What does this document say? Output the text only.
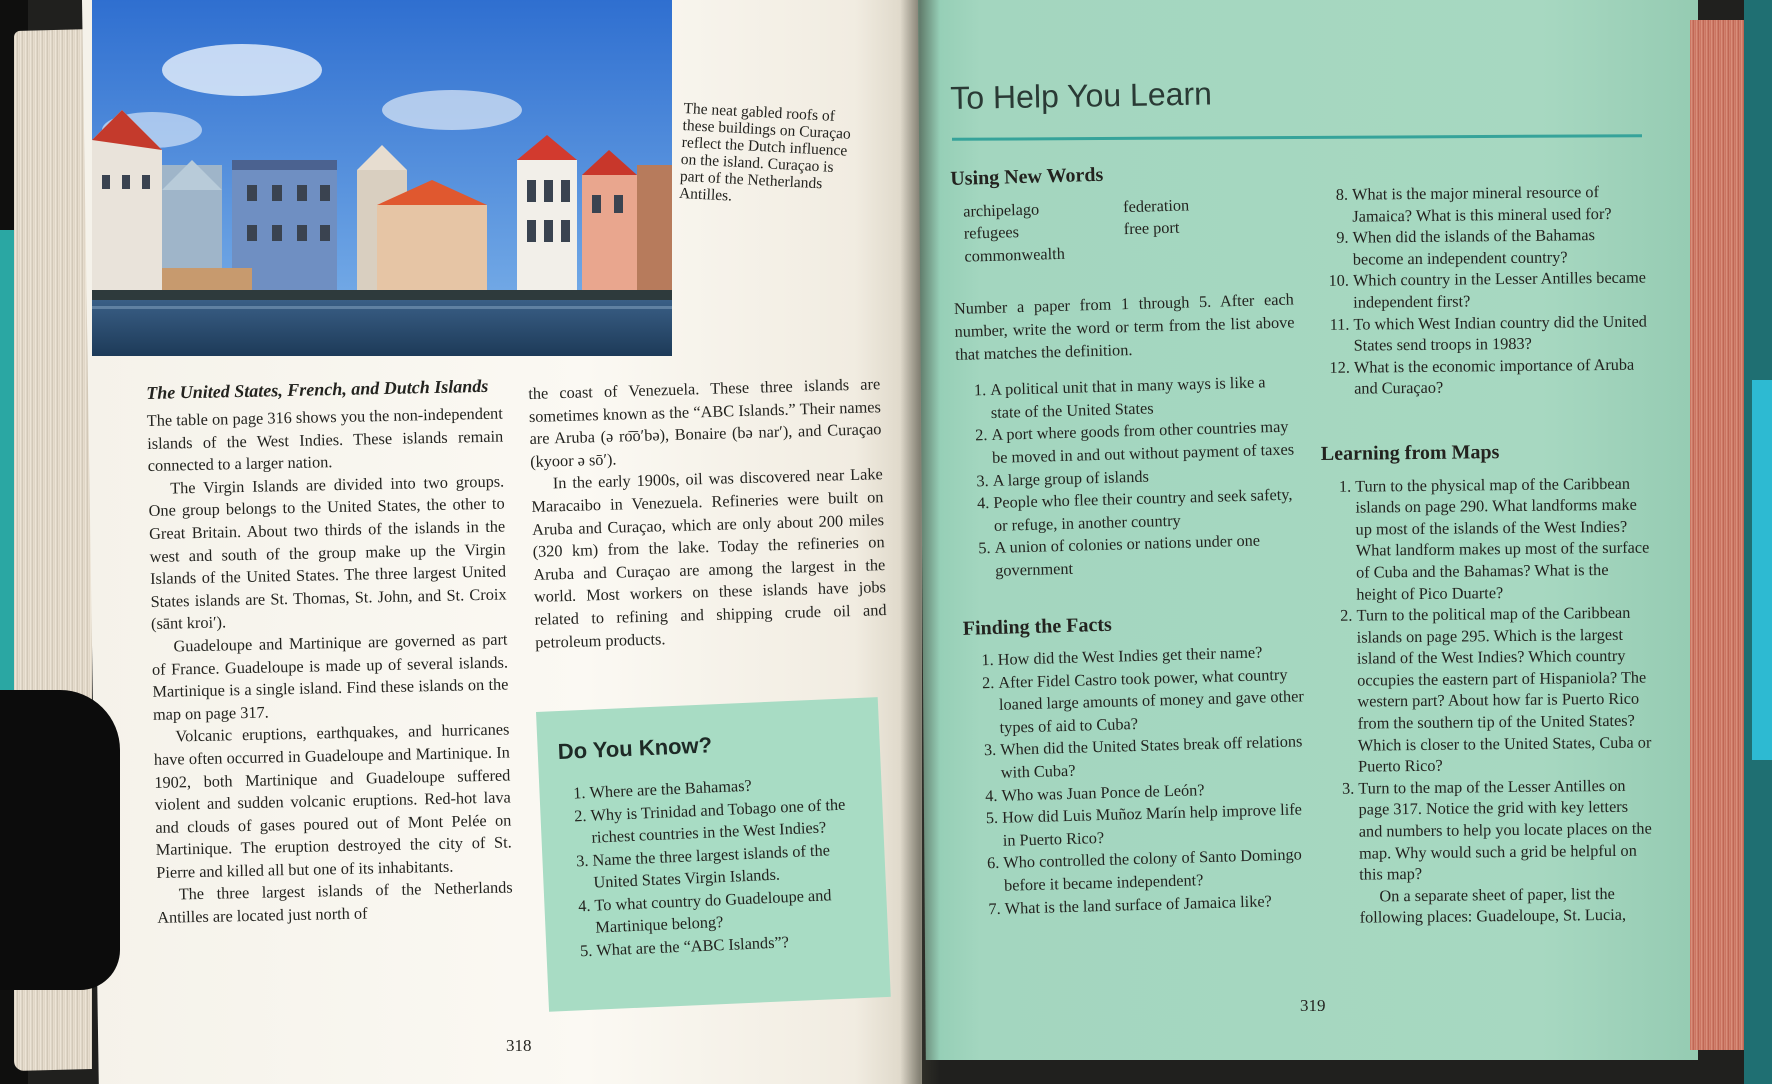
The neat gabled roofs of these buildings on Curaçao reflect the Dutch influence on the island. Curaçao is part of the Netherlands Antilles.
The United States, French, and Dutch Islands

The table on page 316 shows you the non-independent islands of the West Indies. These islands remain connected to a larger nation.

The Virgin Islands are divided into two groups. One group belongs to the United States, the other to Great Britain. About two thirds of the islands in the west and south of the group make up the Virgin Islands of the United States. The three largest United States islands are St. Thomas, St. John, and St. Croix (sānt kroi′).

Guadeloupe and Martinique are governed as part of France. Guadeloupe is made up of several islands. Martinique is a single island. Find these islands on the map on page 317.

Volcanic eruptions, earthquakes, and hurricanes have often occurred in Guadeloupe and Martinique. In 1902, both Martinique and Guadeloupe suffered violent and sudden volcanic eruptions. Red-hot lava and clouds of gases poured out of Mont Pelée on Martinique. The eruption destroyed the city of St. Pierre and killed all but one of its inhabitants.

The three largest islands of the Netherlands Antilles are located just north of

the coast of Venezuela. These three islands are sometimes known as the “ABC Islands.” Their names are Aruba (ə ro͞o′bə), Bonaire (bə nar′), and Curaçao (kyoor ə sō′).

In the early 1900s, oil was discovered near Lake Maracaibo in Venezuela. Refineries were built on Aruba and Curaçao, which are only about 200 miles (320 km) from the lake. Today the refineries on Aruba and Curaçao are among the largest in the world. Most workers on these islands have jobs related to refining and shipping crude oil and petroleum products.

Do You Know?
1. Where are the Bahamas?
2. Why is Trinidad and Tobago one of the richest countries in the West Indies?
3. Name the three largest islands of the United States Virgin Islands.
4. To what country do Guadeloupe and Martinique belong?
5. What are the “ABC Islands”?
318
To Help You Learn
Using New Words
archipelago
refugees
commonwealth
federation
free port

Number a paper from 1 through 5. After each number, write the word or term from the list above that matches the definition.

1. A political unit that in many ways is like a state of the United States
2. A port where goods from other countries may be moved in and out without payment of taxes
3. A large group of islands
4. People who flee their country and seek safety, or refuge, in another country
5. A union of colonies or nations under one government
Finding the Facts
1. How did the West Indies get their name?
2. After Fidel Castro took power, what country loaned large amounts of money and gave other types of aid to Cuba?
3. When did the United States break off relations with Cuba?
4. Who was Juan Ponce de León?
5. How did Luis Muñoz Marín help improve life in Puerto Rico?
6. Who controlled the colony of Santo Domingo before it became independent?
7. What is the land surface of Jamaica like?
8. What is the major mineral resource of Jamaica? What is this mineral used for?
9. When did the islands of the Bahamas become an independent country?
10. Which country in the Lesser Antilles became independent first?
11. To which West Indian country did the United States send troops in 1983?
12. What is the economic importance of Aruba and Curaçao?
Learning from Maps
1. Turn to the physical map of the Caribbean islands on page 290. What landforms make up most of the islands of the West Indies? What landform makes up most of the surface of Cuba and the Bahamas? What is the height of Pico Duarte?
2. Turn to the political map of the Caribbean islands on page 295. Which is the largest island of the West Indies? Which country occupies the eastern part of Hispaniola? The western part? About how far is Puerto Rico from the southern tip of the United States? Which is closer to the United States, Cuba or Puerto Rico?
3. Turn to the map of the Lesser Antilles on page 317. Notice the grid with key letters and numbers to help you locate places on the map. Why would such a grid be helpful on this map?

On a separate sheet of paper, list the following places: Guadeloupe, St. Lucia,

319
